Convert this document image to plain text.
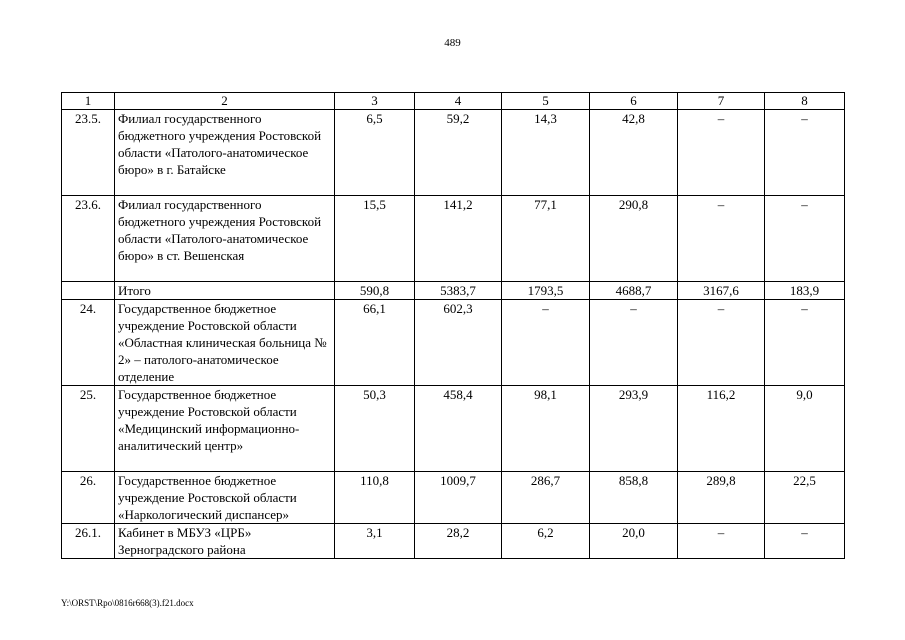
489
1	2	3	4	5	6	7	8
23.5.	Филиал государственного бюджетного учреждения Ростовской области «Патолого-анатомическое бюро» в г. Батайске	6,5	59,2	14,3	42,8	–	–
23.6.	Филиал государственного бюджетного учреждения Ростовской области «Патолого-анатомическое бюро» в ст. Вешенская	15,5	141,2	77,1	290,8	–	–
	Итого	590,8	5383,7	1793,5	4688,7	3167,6	183,9
24.	Государственное бюджетное учреждение Ростовской области «Областная клиническая больница № 2» – патолого-анатомическое отделение	66,1	602,3	–	–	–	–
25.	Государственное бюджетное учреждение Ростовской области «Медицинский информационно-аналитический центр»	50,3	458,4	98,1	293,9	116,2	9,0
26.	Государственное бюджетное учреждение Ростовской области «Наркологический диспансер»	110,8	1009,7	286,7	858,8	289,8	22,5
26.1.	Кабинет в МБУЗ «ЦРБ» Зерноградского района	3,1	28,2	6,2	20,0	–	–
Y:\ORST\Rpo\0816r668(3).f21.docx
